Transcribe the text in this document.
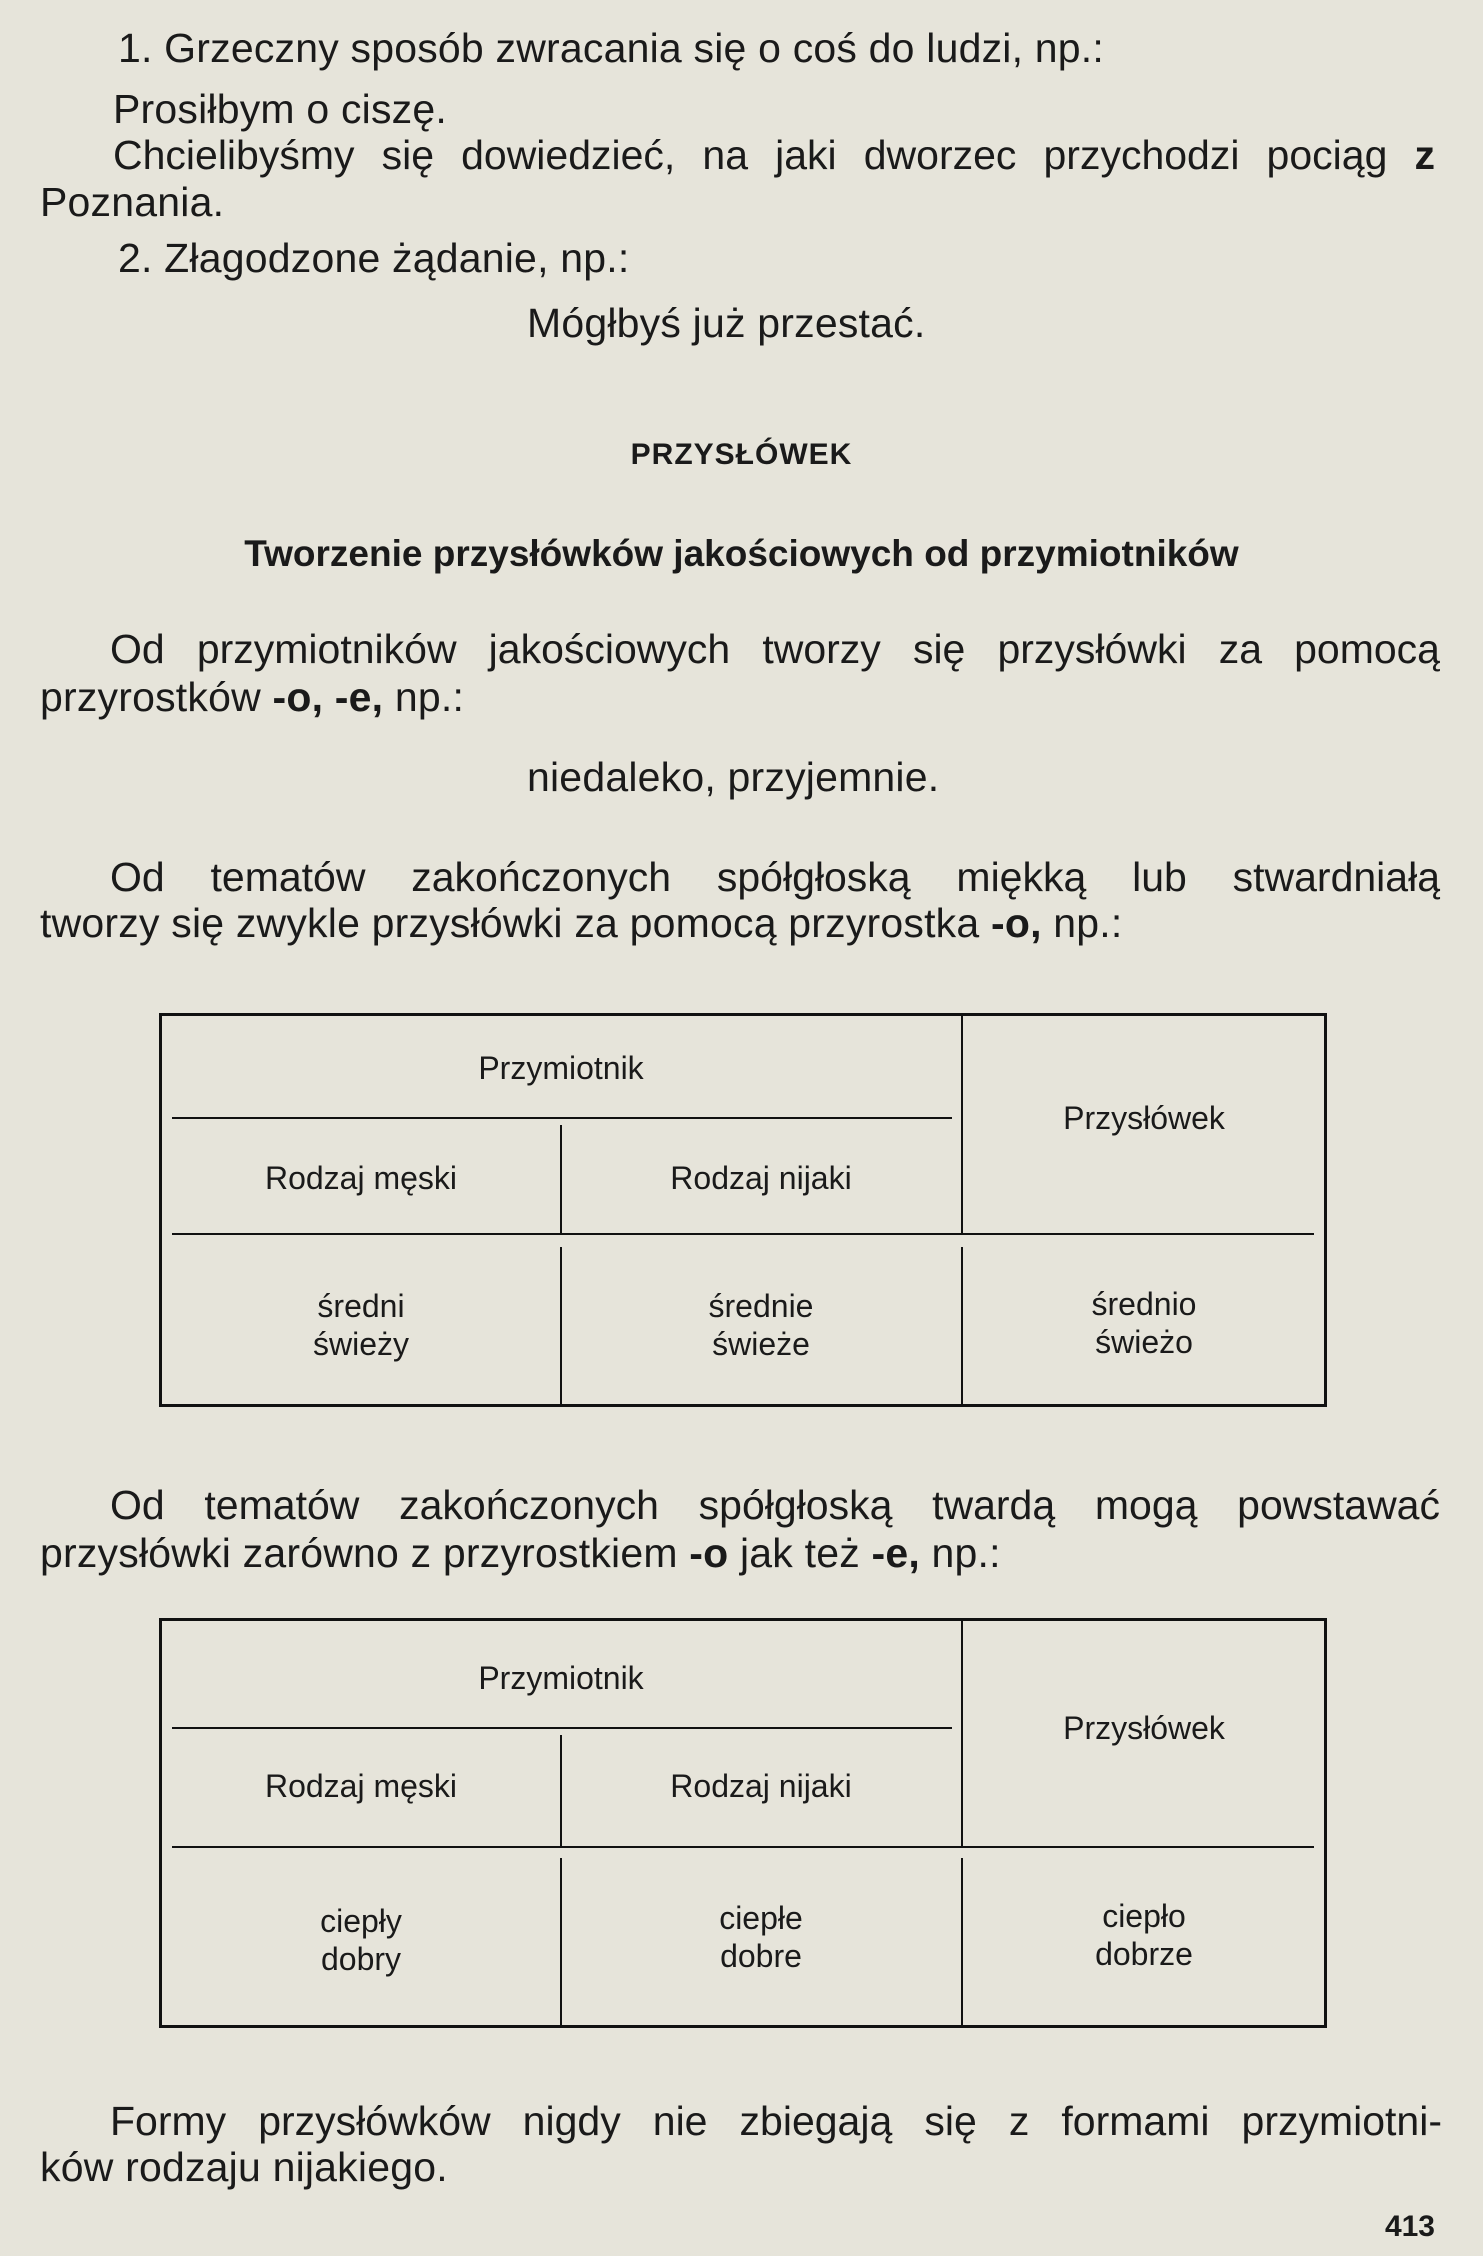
1. Grzeczny sposób zwracania się o coś do ludzi, np.:
Prosiłbym o ciszę.
Chcielibyśmy się dowiedzieć, na jaki dworzec przychodzi pociąg z
Poznania.
2. Złagodzone żądanie, np.:
Mógłbyś już przestać.
PRZYSŁÓWEK
Tworzenie przysłówków jakościowych od przymiotników
Od przymiotników jakościowych tworzy się przysłówki za pomocą
przyrostków -o, -e, np.:
niedaleko, przyjemnie.
Od tematów zakończonych spółgłoską miękką lub stwardniałą
tworzy się zwykle przysłówki za pomocą przyrostka -o, np.:
Przymiotnik
Przysłówek
Rodzaj męski	Rodzaj nijaki
średni
świeży
średnie
świeże
średnio
świeżo
Od tematów zakończonych spółgłoską twardą mogą powstawać
przysłówki zarówno z przyrostkiem -o jak też -e, np.:
Przymiotnik
Przysłówek
Rodzaj męski	Rodzaj nijaki
ciepły
dobry
ciepłe
dobre
ciepło
dobrze
Formy przysłówków nigdy nie zbiegają się z formami przymiotni-
ków rodzaju nijakiego.
413
